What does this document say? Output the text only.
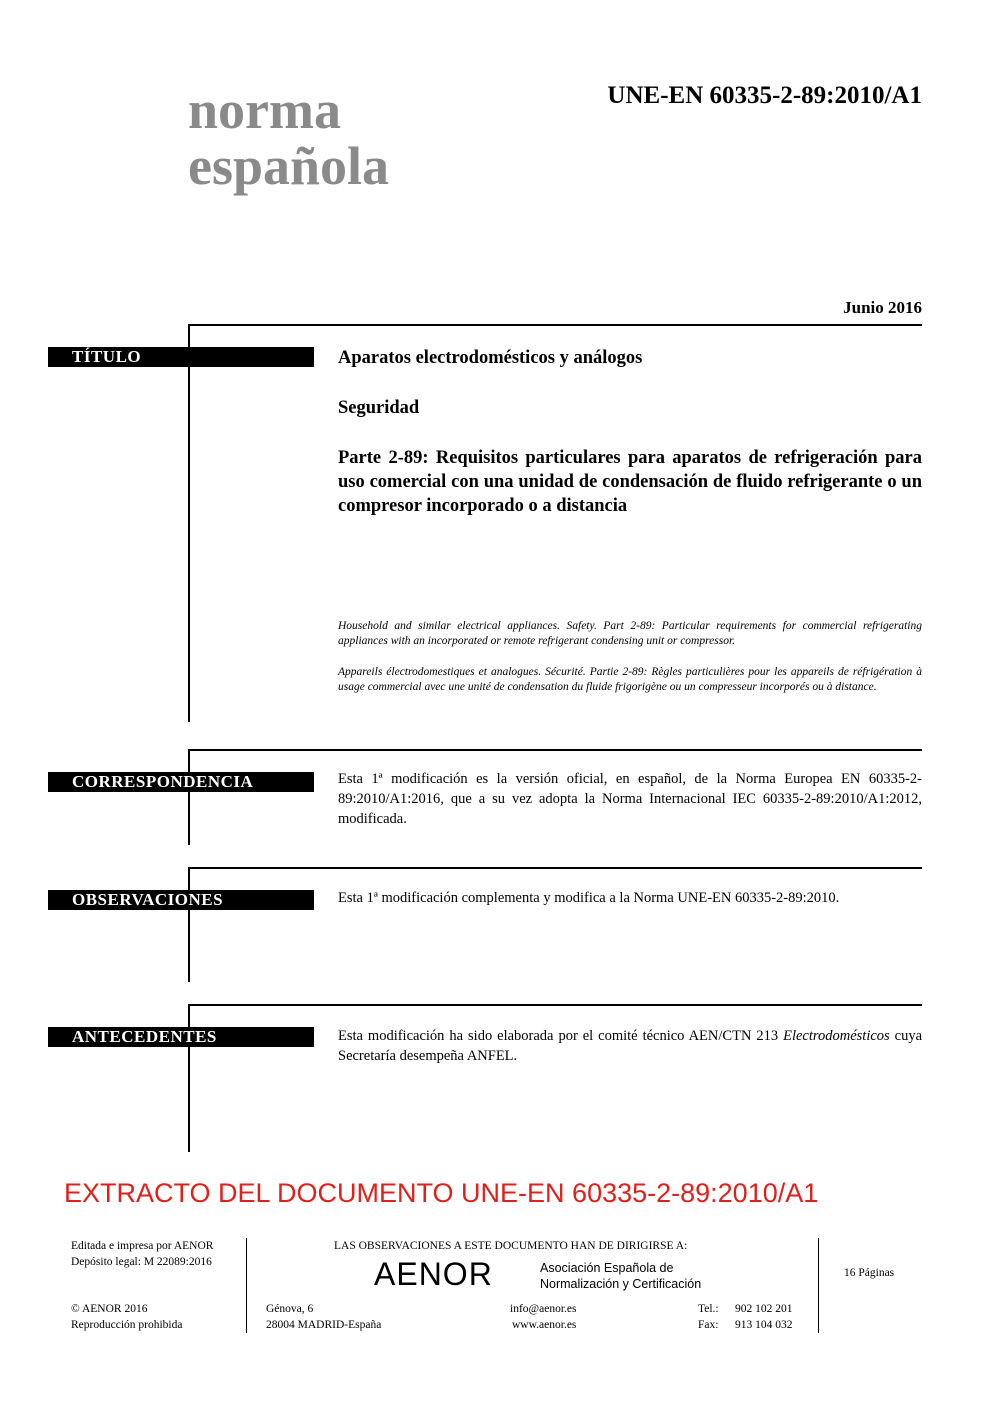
norma
española
UNE-EN 60335-2-89:2010/A1
Junio 2016
TÍTULO	Aparatos electrodomésticos y análogos
Seguridad
Parte 2-89: Requisitos particulares para aparatos de refrigeración para uso comercial con una unidad de condensación de fluido refrigerante o un compresor incorporado o a distancia
Household and similar electrical appliances. Safety. Part 2-89: Particular requirements for commercial refrigerating appliances with an incorporated or remote refrigerant condensing unit or compressor.
Appareils électrodomestiques et analogues. Sécurité. Partie 2-89: Règles particulières pour les appareils de réfrigération à usage commercial avec une unité de condensation du fluide frigorigène ou un compresseur incorporés ou à distance.
CORRESPONDENCIA	Esta 1ª modificación es la versión oficial, en español, de la Norma Europea EN 60335-2-89:2010/A1:2016, que a su vez adopta la Norma Internacional IEC 60335-2-89:2010/A1:2012, modificada.
OBSERVACIONES	Esta 1ª modificación complementa y modifica a la Norma UNE-EN 60335-2-89:2010.
ANTECEDENTES	Esta modificación ha sido elaborada por el comité técnico AEN/CTN 213 Electrodomésticos cuya Secretaría desempeña ANFEL.
EXTRACTO DEL DOCUMENTO UNE-EN 60335-2-89:2010/A1
Editada e impresa por AENOR
Depósito legal: M 22089:2016
© AENOR 2016
Reproducción prohibida
LAS OBSERVACIONES A ESTE DOCUMENTO HAN DE DIRIGIRSE A:
AENOR	Asociación Española de
Normalización y Certificación
Génova, 6
28004 MADRID-España
info@aenor.es
www.aenor.es
Tel.: 902 102 201
Fax: 913 104 032
16 Páginas
